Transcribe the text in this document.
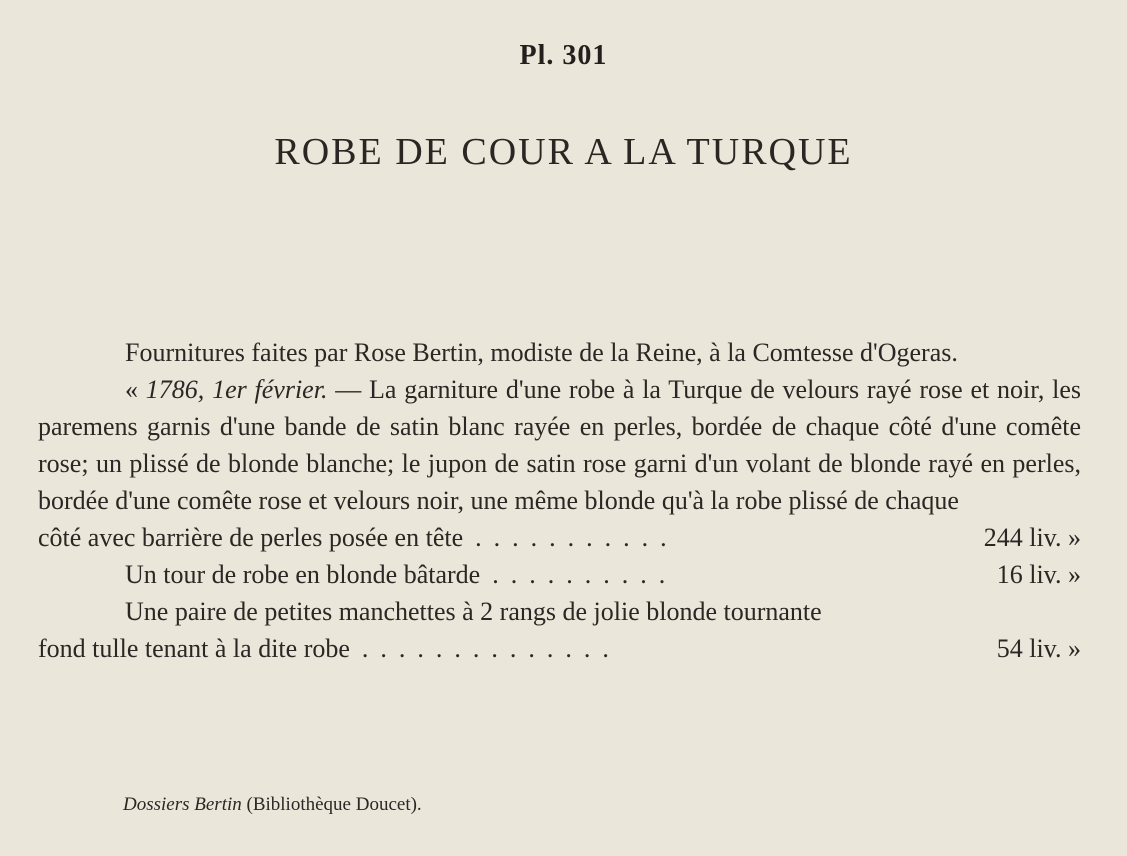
Pl. 301
ROBE DE COUR A LA TURQUE

Fournitures faites par Rose Bertin, modiste de la Reine, à la Comtesse d'Ogeras.

« 1786, 1er février. — La garniture d'une robe à la Turque de velours rayé rose et noir, les paremens garnis d'une bande de satin blanc rayée en perles, bordée de chaque côté d'une comête rose; un plissé de blonde blanche; le jupon de satin rose garni d'un volant de blonde rayé en perles, bordée d'une comête rose et velours noir, une même blonde qu'à la robe plissé de chaque

côté avec barrière de perles posée en tête ...........	244 liv. »
Un tour de robe en blonde bâtarde ..........	16 liv. »

Une paire de petites manchettes à 2 rangs de jolie blonde tournante

fond tulle tenant à la dite robe ..............	54 liv. »
Dossiers Bertin (Bibliothèque Doucet).
